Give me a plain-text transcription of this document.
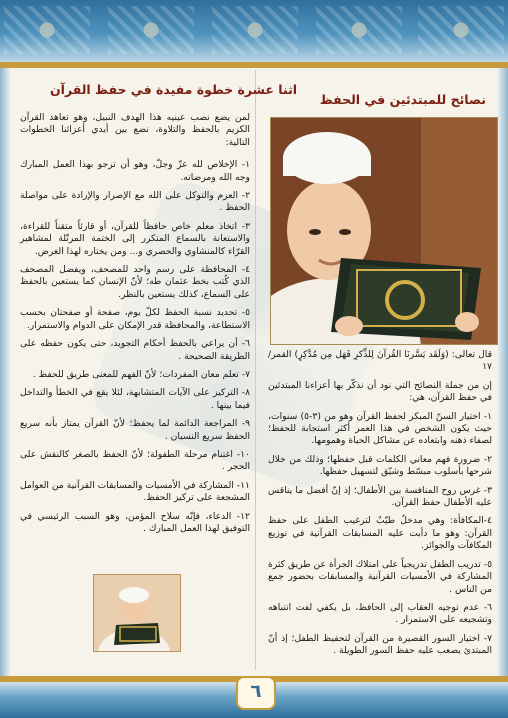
نصائح للمبتدئين في الحفظ

قال تعالى: (وَلَقَد يَسَّرنَا القُرآنَ لِلذِّكرِ فَهَل مِن مُدَّكِرٍ) القمر/١٧

إن من جملة النصائح التي نود أن نذكّر بها أعزاءنا المبتدئين في حفظ القرآن، هي:

١- اختيار السنّ المبكر لحفظ القرآن وهو من (٣-٥) سنوات، حيث يكون الشخص في هذا العمر أكثر استجابة للحفظ؛ لصفاء ذهنه وابتعاده عن مشاكل الحياة وهمومها.

٢- ضرورة فهم معاني الكلمات قبل حفظها؛ وذلك من خلال شرحها بأسلوب مبسّط وشيّق لتسهيل حفظها.

٣- غرس روح المنافسة بين الأطفال؛ إذ إنّ أفضل ما يناقس عليه الأطفال حفظ القرآن.

٤-المكافأة: وهي مدخلٌ طيّبٌ لترغيب الطفل على حفظ القرآن: وهو ما دأبت عليه المسابقات القرآنية في توزيع المكافآت والجوائز.

٥- تدريب الطفل تدريجياً على امتلاك الجرأة عن طريق كثرة المشاركة في الأمسيات القرآنية والمسابقات بحضور جمع من الناس .

٦- عدم توجيه العقاب إلى الحافظ، بل يكفي لفت انتباهه وتشجيعه على الاستمرار .

٧- اختيار السور القصيرة من القرآن لتحفيظ الطفل؛ إذ أنّ المبتدئ يصعب عليه حفظ السور الطويلة .

اثنا عشرة خطوة مفيدة في حفظ القرآن

لمن يضع نصب عينيه هذا الهدف النبيل، وهو تعاهد القرآن الكريم بالحفظ والتلاوة، نضع بين أيدي أعزائنا الخطوات التالية:

١- الإخلاص لله عزّ وجلّ، وهو أن ترجو بهذا العمل المبارك وجه الله ومرضاته.

٢- العزم والتوكل على الله مع الإصرار والإرادة على مواصلة الحفظ .

٣- اتخاذ معلم خاص حافظاً للقرآن، أو قارئاً متقناً للقراءة، والاستعانة بالسماع المتكرر إلى الختمة المرتّلة لمشاهير القرّاء كالمنشاوي والحصري و... ومن يختاره لهذا الغرض.

٤- المحافظة على رسم واحد للمصحف، ويفضل المصحف الذي كُتب بخط عثمان طه؛ لأنّ الإنسان كما يستعين بالحفظ على السماع، كذلك يستعين بالنظر.

٥- تحديد نسبة الحفظ لكلّ يوم، صفحة أو صفحتان بحسب الاستطاعة، والمحافظة قدر الإمكان على الدوام والاستمرار.

٦- أن يراعي بالحفظ أحكام التجويد، حتى يكون حفظه على الطريقة الصحيحة .

٧- تعلم معان المفردات؛ لأنّ الفهم للمعنى طريق للحفظ .

٨- التركيز على الآيات المتشابهة، لئلا يقع في الخطأ والتداخل فيما بينها .

٩- المراجعة الدائمة لما يحفظ؛ لأنّ القرآن يمتاز بأنه سريع الحفظ سريع النسيان .

١٠- اغتنام مرحلة الطفولة؛ لأنّ الحفظ بالصغر كالنقش على الحجر .

١١- المشاركة في الأمسيات والمسابقات القرآنية من العوامل المشجعة على تركيز الحفظ.

١٢- الدعاء، فإنّه سلاح المؤمن، وهو السبب الرئيسي في التوفيق لهذا العمل المبارك .

٦
